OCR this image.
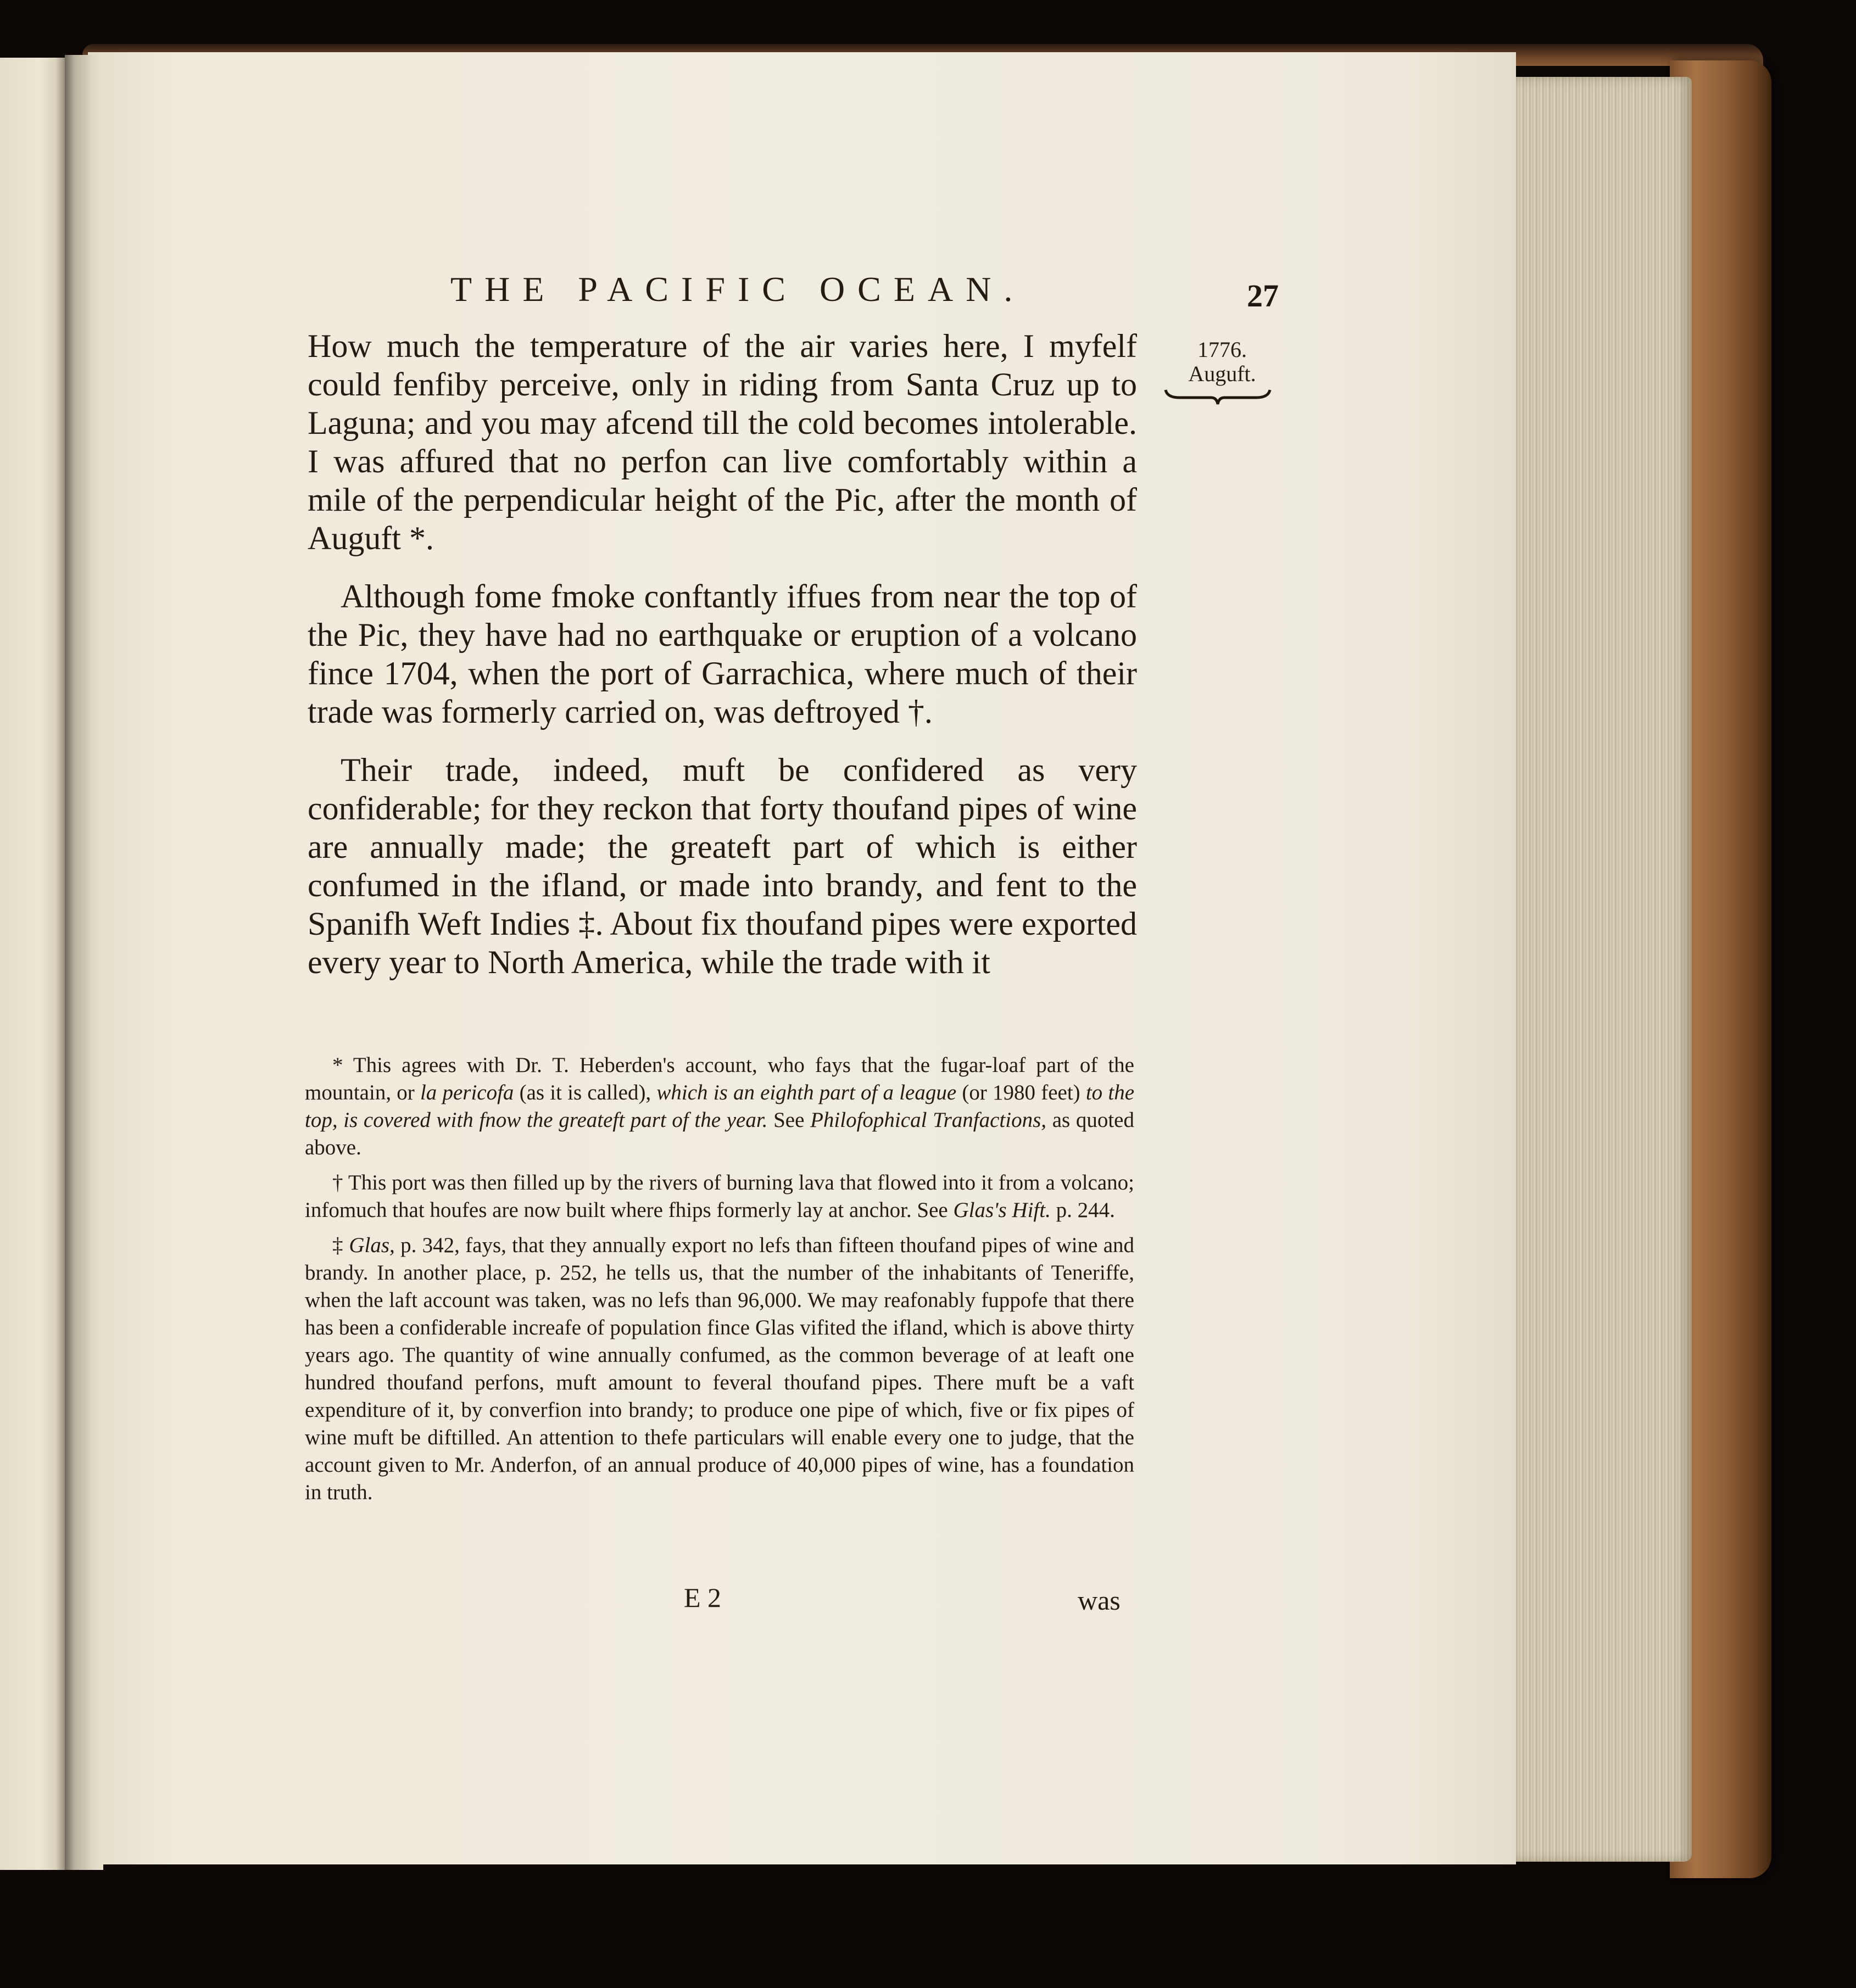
THE PACIFIC OCEAN.	27
1776.
Auguft.

How much the temperature of the air varies here, I myfelf could fenfiby perceive, only in riding from Santa Cruz up to Laguna; and you may afcend till the cold becomes intolerable. I was affured that no perfon can live comfortably within a mile of the perpendicular height of the Pic, after the month of Auguft *.

Although fome fmoke conftantly iffues from near the top of the Pic, they have had no earthquake or eruption of a volcano fince 1704, when the port of Garrachica, where much of their trade was formerly carried on, was deftroyed †.

Their trade, indeed, muft be confidered as very confiderable; for they reckon that forty thoufand pipes of wine are annually made; the greateft part of which is either confumed in the ifland, or made into brandy, and fent to the Spanifh Weft Indies ‡. About fix thoufand pipes were exported every year to North America, while the trade with it

* This agrees with Dr. T. Heberden's account, who fays that the fugar-loaf part of the mountain, or la pericofa (as it is called), which is an eighth part of a league (or 1980 feet) to the top, is covered with fnow the greateft part of the year. See Philofophical Tranfactions, as quoted above.

† This port was then filled up by the rivers of burning lava that flowed into it from a volcano; infomuch that houfes are now built where fhips formerly lay at anchor. See Glas's Hift. p. 244.

‡ Glas, p. 342, fays, that they annually export no lefs than fifteen thoufand pipes of wine and brandy. In another place, p. 252, he tells us, that the number of the inhabitants of Teneriffe, when the laft account was taken, was no lefs than 96,000. We may reafonably fuppofe that there has been a confiderable increafe of population fince Glas vifited the ifland, which is above thirty years ago. The quantity of wine annually confumed, as the common beverage of at leaft one hundred thoufand perfons, muft amount to feveral thoufand pipes. There muft be a vaft expenditure of it, by converfion into brandy; to produce one pipe of which, five or fix pipes of wine muft be diftilled. An attention to thefe particulars will enable every one to judge, that the account given to Mr. Anderfon, of an annual produce of 40,000 pipes of wine, has a foundation in truth.

E 2	was
